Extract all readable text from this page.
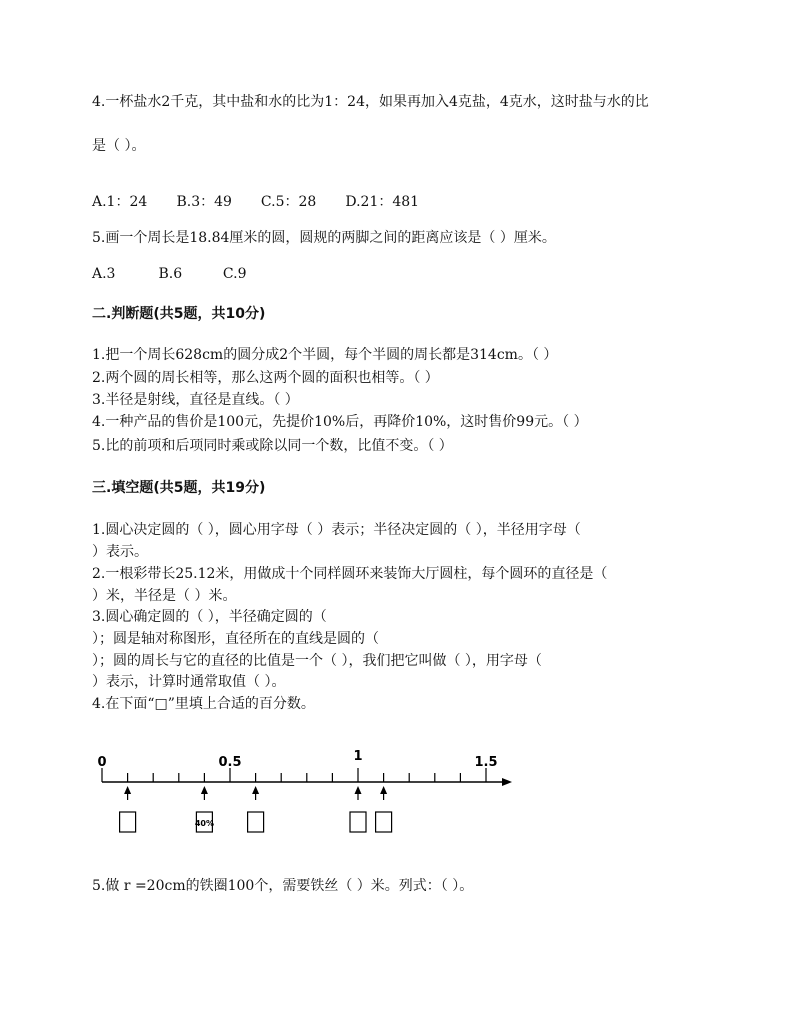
4.一杯盐水2千克，其中盐和水的比为1：24，如果再加入4克盐，4克水，这时盐与水的比
是（ ）。
A.1：24 B.3：49 C.5：28 D.21：481
5.画一个周长是18.84厘米的圆，圆规的两脚之间的距离应该是（ ）厘米。
A.3	B.6	C.9
二.判断题(共5题，共10分)
1.把一个周长628cm的圆分成2个半圆，每个半圆的周长都是314cm。（ ）
2.两个圆的周长相等，那么这两个圆的面积也相等。（ ）
3.半径是射线，直径是直线。（ ）
4.一种产品的售价是100元，先提价10%后，再降价10%，这时售价99元。（ ）
5.比的前项和后项同时乘或除以同一个数，比值不变。（ ）
三.填空题(共5题，共19分)
1.圆心决定圆的（ ），圆心用字母（ ）表示；半径决定圆的（ ），半径用字母（
）表示。
2.一根彩带长25.12米，用做成十个同样圆环来装饰大厅圆柱，每个圆环的直径是（
）米，半径是（ ）米。
3.圆心确定圆的（ ），半径确定圆的（
）；圆是轴对称图形，直径所在的直线是圆的（
）；圆的周长与它的直径的比值是一个（ ），我们把它叫做（ ），用字母（
）表示，计算时通常取值（ ）。
4.在下面“□”里填上合适的百分数。
0	0.5	1	1.5
40%
5.做 r =20cm的铁圈100个，需要铁丝（ ）米。列式：（ ）。
